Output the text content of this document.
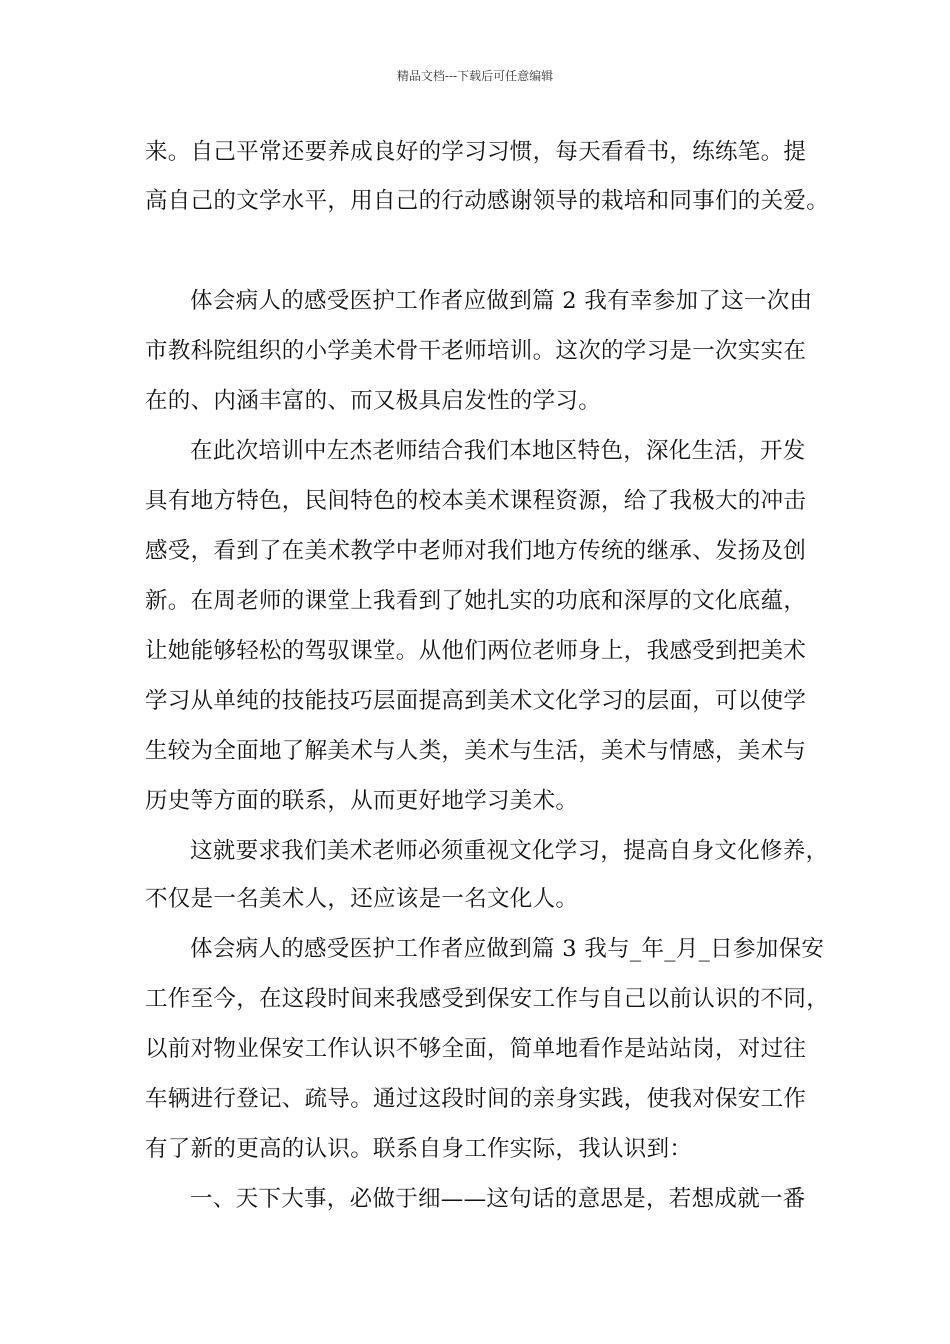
精品文档---下载后可任意编辑
来。自己平常还要养成良好的学习习惯，每天看看书，练练笔。提
高自己的文学水平，用自己的行动感谢领导的栽培和同事们的关爱。
体会病人的感受医护工作者应做到篇 2 我有幸参加了这一次由
市教科院组织的小学美术骨干老师培训。这次的学习是一次实实在
在的、内涵丰富的、而又极具启发性的学习。
在此次培训中左杰老师结合我们本地区特色，深化生活，开发
具有地方特色，民间特色的校本美术课程资源，给了我极大的冲击
感受，看到了在美术教学中老师对我们地方传统的继承、发扬及创
新。在周老师的课堂上我看到了她扎实的功底和深厚的文化底蕴，
让她能够轻松的驾驭课堂。从他们两位老师身上，我感受到把美术
学习从单纯的技能技巧层面提高到美术文化学习的层面，可以使学
生较为全面地了解美术与人类，美术与生活，美术与情感，美术与
历史等方面的联系，从而更好地学习美术。
这就要求我们美术老师必须重视文化学习，提高自身文化修养，
不仅是一名美术人，还应该是一名文化人。
体会病人的感受医护工作者应做到篇 3 我与_年_月_日参加保安
工作至今，在这段时间来我感受到保安工作与自己以前认识的不同，
以前对物业保安工作认识不够全面，简单地看作是站站岗，对过往
车辆进行登记、疏导。通过这段时间的亲身实践，使我对保安工作
有了新的更高的认识。联系自身工作实际，我认识到：
一、天下大事，必做于细——这句话的意思是，若想成就一番
